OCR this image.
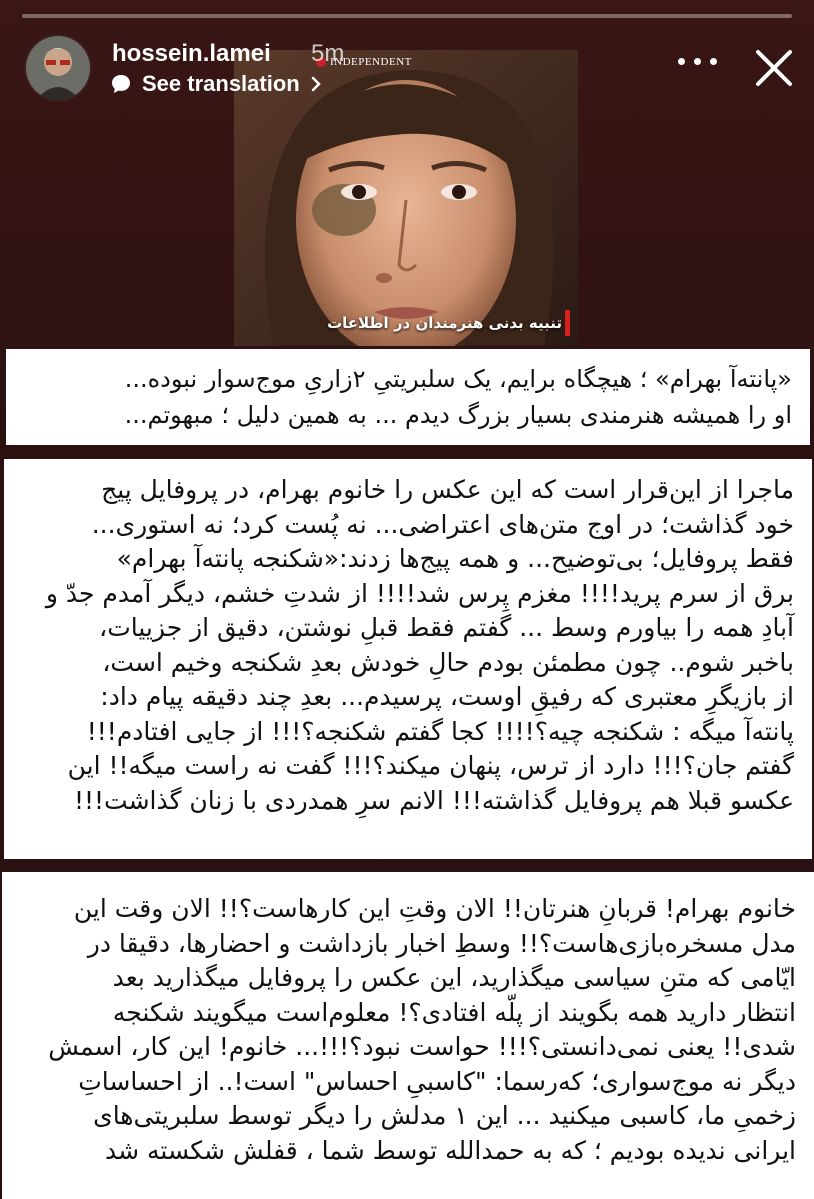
INDEPENDENT
تنبیه بدنی هنرمندان در اطلاعات
hossein.lamei 5m
See translation

«پانته‌آ بهرام» ؛ هیچگاه برایم، یک سلبریتیِ ۲زاریِ موج‌سوار نبوده...

او را همیشه هنرمندی بسیار بزرگ دیدم ... به همین دلیل ؛ مبهوتم...

ماجرا از این‌قرار است که این عکس را خانوم بهرام، در پروفایل پیج

خود گذاشت؛ در اوج متن‌های اعتراضی... نه پُست کرد؛ نه استوری...

فقط پروفایل؛ بی‌توضیح... و همه پیج‌ها زدند:«شکنجه پانته‌آ بهرام»

برق از سرم پرید!!!! مغزم پِرس شد!!!! از شدتِ خشم، دیگر آمدم جدّ و

آبادِ همه را بیاورم وسط ... گفتم فقط قبلِ نوشتن، دقیق از جزییات،

باخبر شوم.. چون مطمئن بودم حالِ خودش بعدِ شکنجه وخیم است،

از بازیگرِ معتبری که رفیقِ اوست، پرسیدم... بعدِ چند دقیقه پیام داد:

پانته‌آ میگه : شکنجه چیه؟!!!! کجا گفتم شکنجه؟!!! از جایی افتادم!!!

گفتم جان؟!!! دارد از ترس، پنهان میکند؟!!! گفت نه راست میگه!! این

عکسو قبلا هم پروفایل گذاشته!!! الانم سرِ همدردی با زنان گذاشت!!!

خانوم بهرام! قربانِ هنرتان!! الان وقتِ این کارهاست؟!! الان وقت این

مدل مسخره‌بازی‌هاست؟!! وسطِ اخبار بازداشت و احضارها، دقیقا در

ایّامی که متنِ سیاسی میگذارید، این عکس را پروفایل میگذارید بعد

انتظار دارید همه بگویند از پلّه افتادی؟! معلوم‌است میگویند شکنجه

شدی!! یعنی نمی‌دانستی؟!!! حواست نبود؟!!!... خانوم! این کار، اسمش

دیگر نه موج‌سواری؛ که‌رسما: "کاسبیِ احساس" است!.. از احساساتِ

زخمیِ ما، کاسبی میکنید ... این ۱ مدلش را دیگر توسط سلبریتی‌های

ایرانی ندیده بودیم ؛ که به حمدالله توسط شما ، قفلش شکسته شد
